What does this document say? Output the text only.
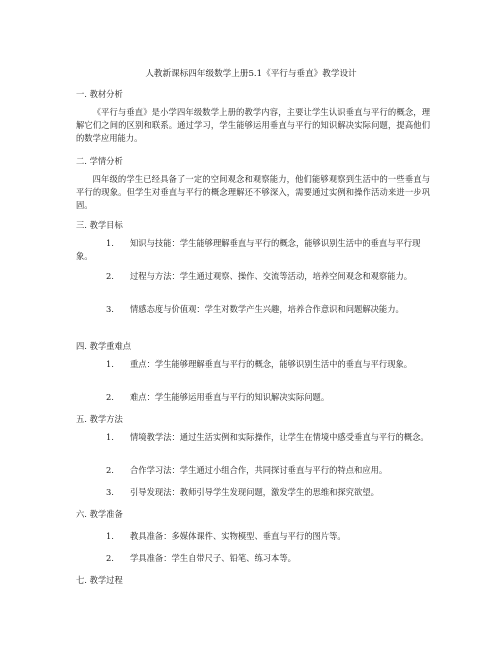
人教新课标四年级数学上册5.1《平行与垂直》教学设计
一. 教材分析
《平行与垂直》是小学四年级数学上册的教学内容，主要让学生认识垂直与平行的概念，理解它们之间的区别和联系。通过学习，学生能够运用垂直与平行的知识解决实际问题，提高他们的数学应用能力。
二. 学情分析
四年级的学生已经具备了一定的空间观念和观察能力，他们能够观察到生活中的一些垂直与平行的现象。但学生对垂直与平行的概念理解还不够深入，需要通过实例和操作活动来进一步巩固。
三. 教学目标
1. 知识与技能：学生能够理解垂直与平行的概念，能够识别生活中的垂直与平行现象。
2. 过程与方法：学生通过观察、操作、交流等活动，培养空间观念和观察能力。
3. 情感态度与价值观：学生对数学产生兴趣，培养合作意识和问题解决能力。
四. 教学重难点
1. 重点：学生能够理解垂直与平行的概念，能够识别生活中的垂直与平行现象。
2. 难点：学生能够运用垂直与平行的知识解决实际问题。
五. 教学方法
1. 情境教学法：通过生活实例和实际操作，让学生在情境中感受垂直与平行的概念。
2. 合作学习法：学生通过小组合作，共同探讨垂直与平行的特点和应用。
3. 引导发现法：教师引导学生发现问题，激发学生的思维和探究欲望。
六. 教学准备
1. 教具准备：多媒体课件、实物模型、垂直与平行的图片等。
2. 学具准备：学生自带尺子、铅笔、练习本等。
七. 教学过程
